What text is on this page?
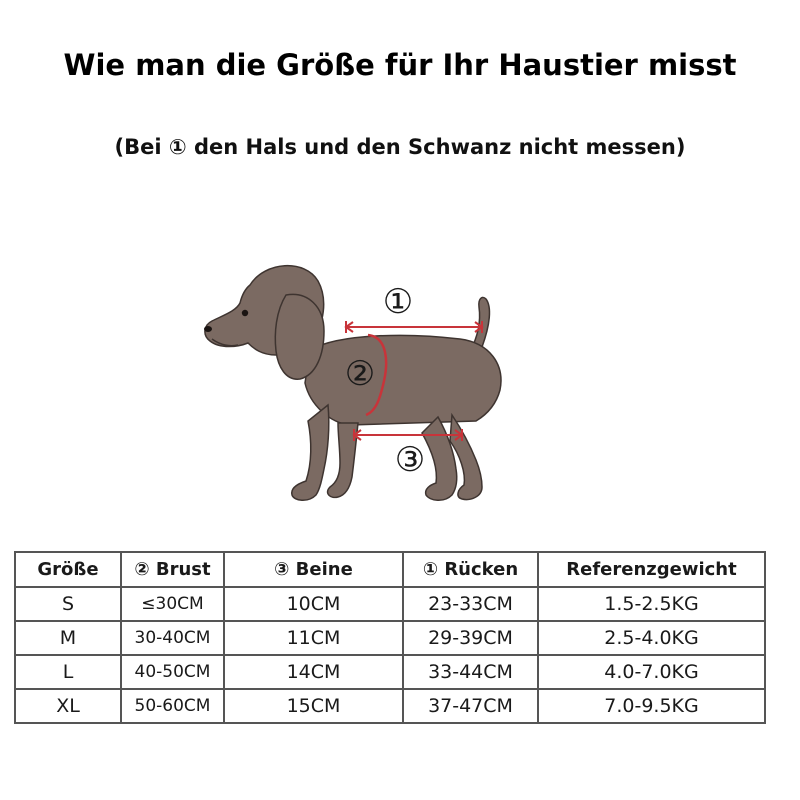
Wie man die Größe für Ihr Haustier misst
(Bei ① den Hals und den Schwanz nicht messen)
①
②
③
Größe	② Brust	③ Beine	① Rücken	Referenzgewicht
S	≤30CM	10CM	23-33CM	1.5-2.5KG
M	30-40CM	11CM	29-39CM	2.5-4.0KG
L	40-50CM	14CM	33-44CM	4.0-7.0KG
XL	50-60CM	15CM	37-47CM	7.0-9.5KG
